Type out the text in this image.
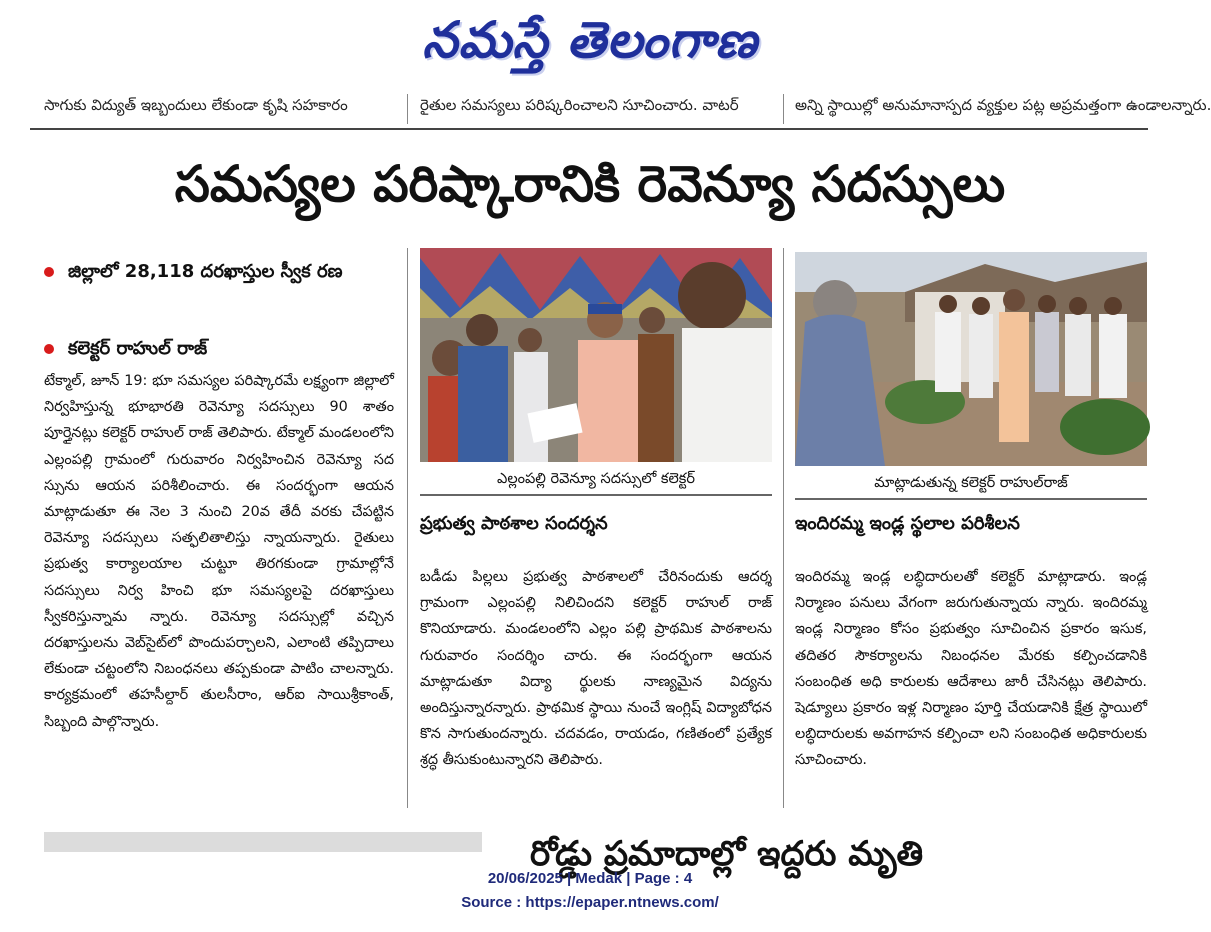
నమస్తే తెలంగాణ
సాగుకు విద్యుత్ ఇబ్బందులు లేకుండా కృషి సహకారం	రైతుల సమస్యలు పరిష్కరించాలని సూచించారు. వాటర్	అన్ని స్థాయిల్లో అనుమానాస్పద వ్యక్తుల పట్ల అప్రమత్తంగా ఉండాలన్నారు.
సమస్యల పరిష్కారానికి రెవెన్యూ సదస్సులు
జిల్లాలో 28,118 దరఖాస్తుల స్వీక రణ
కలెక్టర్ రాహుల్ రాజ్
టేక్మాల్, జూన్ 19: భూ సమస్యల పరిష్కారమే లక్ష్యంగా జిల్లాలో నిర్వహిస్తున్న భూభారతి రెవెన్యూ సదస్సులు 90 శాతం పూర్తైనట్లు కలెక్టర్ రాహుల్ రాజ్ తెలిపారు. టేక్మాల్ మండలంలోని ఎల్లంపల్లి గ్రామంలో గురువారం నిర్వహించిన రెవెన్యూ సద స్సును ఆయన పరిశీలించారు. ఈ సందర్భంగా ఆయన మాట్లాడుతూ ఈ నెల 3 నుంచి 20వ తేదీ వరకు చేపట్టిన రెవెన్యూ సదస్సులు సత్ఫలితాలిస్తు న్నాయన్నారు. రైతులు ప్రభుత్వ కార్యాలయాల చుట్టూ తిరగకుండా గ్రామాల్లోనే సదస్సులు నిర్వ హించి భూ సమస్యలపై దరఖాస్తులు స్వీకరిస్తున్నామ న్నారు. రెవెన్యూ సదస్సుల్లో వచ్చిన దరఖాస్తులను వెబ్‌సైట్‌లో పొందుపర్చాలని, ఎలాంటి తప్పిదాలు లేకుండా చట్టంలోని నిబంధనలు తప్పకుండా పాటిం చాలన్నారు. కార్యక్రమంలో తహసీల్దార్ తులసీరాం, ఆర్ఐ సాయిశ్రీకాంత్, సిబ్బంది పాల్గొన్నారు.
ఎల్లంపల్లి రెవెన్యూ సదస్సులో కలెక్టర్	మాట్లాడుతున్న కలెక్టర్ రాహుల్‌రాజ్
ప్రభుత్వ పాఠశాల సందర్శన	ఇందిరమ్మ ఇండ్ల స్థలాల పరిశీలన
బడీడు పిల్లలు ప్రభుత్వ పాఠశాలలో చేరినందుకు ఆదర్శ గ్రామంగా ఎల్లంపల్లి నిలిచిందని కలెక్టర్ రాహుల్ రాజ్ కొనియాడారు. మండలంలోని ఎల్లం పల్లి ప్రాథమిక పాఠశాలను గురువారం సందర్శిం చారు. ఈ సందర్భంగా ఆయన మాట్లాడుతూ విద్యా ర్థులకు నాణ్యమైన విద్యను అందిస్తున్నారన్నారు. ప్రాథమిక స్థాయి నుంచే ఇంగ్లిష్ విద్యాబోధన కొన సాగుతుందన్నారు. చదవడం, రాయడం, గణితంలో ప్రత్యేక శ్రద్ధ తీసుకుంటున్నారని తెలిపారు.
ఇందిరమ్మ ఇండ్ల లబ్ధిదారులతో కలెక్టర్ మాట్లాడారు. ఇండ్ల నిర్మాణం పనులు వేగంగా జరుగుతున్నాయ న్నారు. ఇందిరమ్మ ఇండ్ల నిర్మాణం కోసం ప్రభుత్వం సూచించిన ప్రకారం ఇసుక, తదితర సౌకర్యాలను నిబంధనల మేరకు కల్పించడానికి సంబంధిత అధి కారులకు ఆదేశాలు జారీ చేసినట్లు తెలిపారు. షెడ్యూలు ప్రకారం ఇళ్ల నిర్మాణం పూర్తి చేయడానికి క్షేత్ర స్థాయిలో లబ్ధిదారులకు అవగాహన కల్పించా లని సంబంధిత అధికారులకు సూచించారు.
రోడ్డు ప్రమాదాల్లో ఇద్దరు మృతి
20/06/2025 | Medak | Page : 4
Source : https://epaper.ntnews.com/
